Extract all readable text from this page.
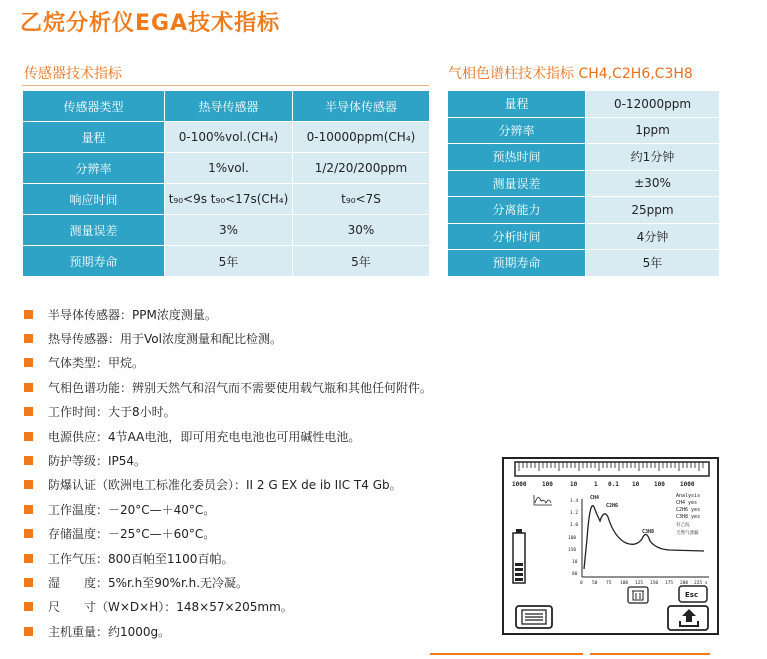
乙烷分析仪EGA技术指标
传感器技术指标	气相色谱柱技术指标 CH4,C2H6,C3H8
传感器类型	热导传感器	半导体传感器
量程	0-100%vol.(CH₄)	0-10000ppm(CH₄)
分辨率	1%vol.	1/2/20/200ppm
响应时间	t₉₀<9s t₉₀<17s(CH₄)	t₉₀<7S
测量误差	3%	30%
预期寿命	5年	5年
量程	0-12000ppm
分辨率	1ppm
预热时间	约1分钟
测量误差	±30%
分离能力	25ppm
分析时间	4分钟
预期寿命	5年
半导体传感器：PPM浓度测量。
热导传感器：用于Vol浓度测量和配比检测。
气体类型：甲烷。
气相色谱功能：辨别天然气和沼气而不需要使用载气瓶和其他任何附件。
工作时间：大于8小时。
电源供应：4节AA电池，即可用充电电池也可用碱性电池。
防护等级：IP54。
防爆认证（欧洲电工标准化委员会）：II 2 G EX de ib IIC T4 Gb。
工作温度：－20°C—＋40°C。
存储温度：－25°C—＋60°C。
工作气压：800百帕至1100百帕。
湿　　度：5%r.h至90%r.h.无冷凝。
尺　　寸（W×D×H）：148×57×205mm。
主机重量：约1000g。
1000	100	10	1 0.1 10 100	1000
1.4
1.2
1.0
100
150
10
80
0 50 75 100 125 150 175 200 225 s
CH4
C2H6
C3H8
Analysis
CH4 yes
C2H6 yes
C3H8 yes
有乙烷
天然气泄漏
Esc
